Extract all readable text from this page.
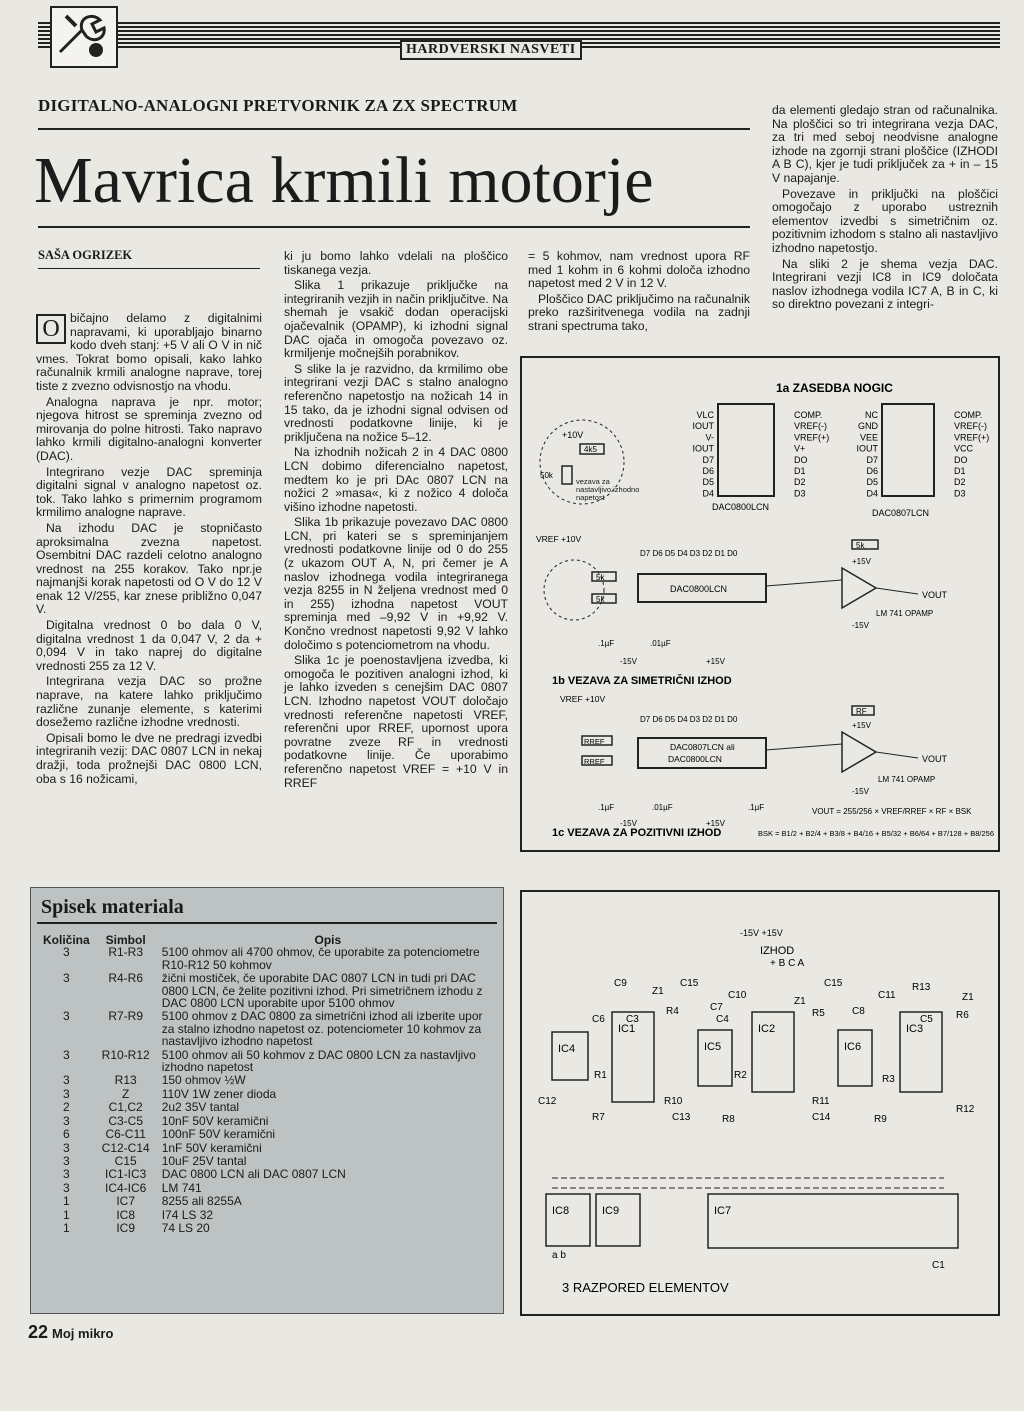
HARDVERSKI NASVETI
DIGITALNO-ANALOGNI PRETVORNIK ZA ZX SPECTRUM
Mavrica krmili motorje
SAŠA OGRIZEK

O bičajno delamo z digitalnimi napravami, ki uporabljajo binarno kodo dveh stanj: +5 V ali O V in nič vmes. Tokrat bomo opisali, kako lahko računalnik krmili analogne naprave, torej tiste z zvezno odvisnostjo na vhodu.

Analogna naprava je npr. motor; njegova hitrost se spreminja zvezno od mirovanja do polne hitrosti. Tako napravo lahko krmili digitalno-analogni konverter (DAC).

Integrirano vezje DAC spreminja digitalni signal v analogno napetost oz. tok. Tako lahko s primernim programom krmilimo analogne naprave.

Na izhodu DAC je stopničasto aproksimalna zvezna napetost. Osembitni DAC razdeli celotno analogno vrednost na 255 korakov. Tako npr.je najmanjši korak napetosti od O V do 12 V enak 12 V/255, kar znese približno 0,047 V.

Digitalna vrednost 0 bo dala 0 V, digitalna vrednost 1 da 0,047 V, 2 da + 0,094 V in tako naprej do digitalne vrednosti 255 za 12 V.

Integrirana vezja DAC so prožne naprave, na katere lahko priključimo različne zunanje elemente, s katerimi dosežemo različne izhodne vrednosti.

Opisali bomo le dve ne predragi izvedbi integriranih vezij: DAC 0807 LCN in nekaj dražji, toda prožnejši DAC 0800 LCN, oba s 16 nožicami,

ki ju bomo lahko vdelali na ploščico tiskanega vezja.

Slika 1 prikazuje priključke na integriranih vezjih in način priključitve. Na shemah je vsakič dodan operacijski ojačevalnik (OPAMP), ki izhodni signal DAC ojača in omogoča povezavo oz. krmiljenje močnejših porabnikov.

S slike la je razvidno, da krmilimo obe integrirani vezji DAC s stalno analogno referenčno napetostjo na nožicah 14 in 15 tako, da je izhodni signal odvisen od vrednosti podatkovne linije, ki je priključena na nožice 5–12.

Na izhodnih nožicah 2 in 4 DAC 0800 LCN dobimo diferencialno napetost, medtem ko je pri DAc 0807 LCN na nožici 2 »masa«, ki z nožico 4 določa višino izhodne napetosti.

Slika 1b prikazuje povezavo DAC 0800 LCN, pri kateri se s spreminjanjem vrednosti podatkovne linije od 0 do 255 (z ukazom OUT A, N, pri čemer je A naslov izhodnega vodila integriranega vezja 8255 in N željena vrednost med 0 in 255) izhodna napetost VOUT spreminja med –9,92 V in +9,92 V. Končno vrednost napetosti 9,92 V lahko določimo s potenciometrom na vhodu.

Slika 1c je poenostavljena izvedba, ki omogoča le pozitiven analogni izhod, ki je lahko izveden s cenejšim DAC 0807 LCN. Izhodno napetost VOUT določajo vrednosti referenčne napetosti VREF, referenčni upor RREF, upornost upora povratne zveze RF in vrednosti podatkovne linije. Če uporabimo referenčno napetost VREF = +10 V in RREF

= 5 kohmov, nam vrednost upora RF med 1 kohm in 6 kohmi določa izhodno napetost med 2 V in 12 V.

Ploščico DAC priključimo na računalnik preko razširitvenega vodila na zadnji strani spectruma tako,

da elementi gledajo stran od računalnika. Na ploščici so tri integrirana vezja DAC, za tri med seboj neodvisne analogne izhode na zgornji strani ploščice (IZHODI A B C), kjer je tudi priključek za + in – 15 V napajanje.

Povezave in priključki na ploščici omogočajo z uporabo ustreznih elementov izvedbi s simetričnim oz. pozitivnim izhodom s stalno ali nastavljivo izhodno napetostjo.

Na sliki 2 je shema vezja DAC. Integrirani vezji IC8 in IC9 določata naslov izhodnega vodila IC7 A, B in C, ki so direktno povezani z integri-

1a ZASEDBA NOGIC
DAC0800LCN
VLC
IOUT
V-
IOUT
D7
D6
D5
D4
COMP.
VREF(-)
VREF(+)
V+
DO
D1
D2
D3
DAC0807LCN
NC
GND
VEE
IOUT
D7
D6
D5
D4
COMP.
VREF(-)
VREF(+)
VCC
DO
D1
D2
D3
+10V
4k5
50k
vezava za nastavljivo izhodno napetost
VREF +10V
5k
5k
D7 D6 D5 D4 D3 D2 D1 D0
DAC0800LCN
5k
+15V
-15V
VOUT
LM 741 OPAMP
.1µF	.01µF
-15V	+15V
1b VEZAVA ZA SIMETRIČNI IZHOD
VREF +10V
RREF
RREF
D7 D6 D5 D4 D3 D2 D1 D0
DAC0807LCN ali
DAC0800LCN
RF
+15V
-15V
VOUT
LM 741 OPAMP
.1µF	.01µF
-15V	+15V
.1µF	VOUT = 255/256 × VREF/RREF × RF × BSK
BSK = B1/2 + B2/4 + B3/8 + B4/16 + B5/32 + B6/64 + B7/128 + B8/256
1c VEZAVA ZA POZITIVNI IZHOD
Spisek materiala
Količina	Simbol	Opis
3	R1-R3	5100 ohmov ali 4700 ohmov, če uporabite za potenciometre R10-R12 50 kohmov
3	R4-R6	žični mostiček, če uporabite DAC 0807 LCN in tudi pri DAC 0800 LCN, če želite pozitivni izhod. Pri simetričnem izhodu z DAC 0800 LCN uporabite upor 5100 ohmov
3	R7-R9	5100 ohmov z DAC 0800 za simetrični izhod ali izberite upor za stalno izhodno napetost oz. potenciometer 10 kohmov za nastavljivo izhodno napetost
3	R10-R12	5100 ohmov ali 50 kohmov z DAC 0800 LCN za nastavljivo izhodno napetost
3	R13	150 ohmov ½W
3	Z	110V 1W zener dioda
2	C1,C2	2u2 35V tantal
3	C3-C5	10nF 50V keramični
6	C6-C11	100nF 50V keramični
3	C12-C14	1nF 50V keramični
3	C15	10uF 25V tantal
3	IC1-IC3	DAC 0800 LCN ali DAC 0807 LCN
3	IC4-IC6	LM 741
1	IC7	8255 ali 8255A
1	IC8	I74 LS 32
1	IC9	74 LS 20
-15V +15V
IZHOD
+ B C A
IC4
IC1
IC5
IC2
IC6
IC3
IC8	IC9	IC7
C9	C15
C7
C10
C15
C11
C6 C3	C4
C8
C5
C12
C13	C14
C1
R13
R4
R1
R10
R7	R8
R2
R5
R11
R9
R3
R6
R12
Z1
Z1	Z1
a b
3 RAZPORED ELEMENTOV
22 Moj mikro
